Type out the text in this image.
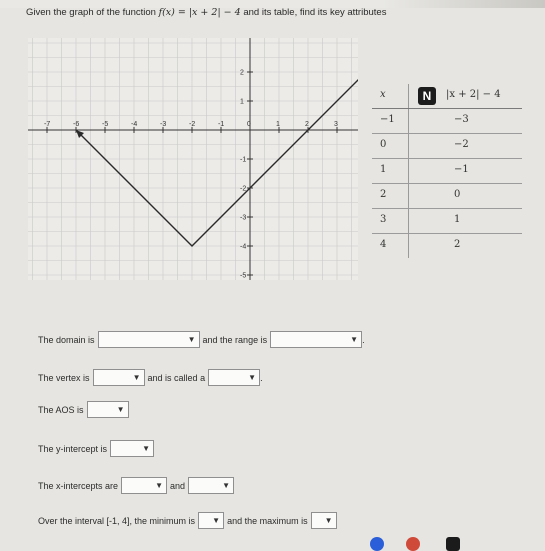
Given the graph of the function f(x) = |x + 2| − 4 and its table, find its key attributes
-7	-6	-5	-4	-3	-2	-1	0	1	2	3
2
1
-1
-2
-3
-4
-5
x	N	|x + 2| − 4
−1	−3
0	−2
1	−1
2	0
3	1
4	2
The domain is	▼ and the range is	▼ .
The vertex is	▼ and is called a	▼ .
The AOS is	▼
The y-intercept is	▼
The x-intercepts are	▼ and	▼
Over the interval [-1, 4], the minimum is ▼ and the maximum is ▼
